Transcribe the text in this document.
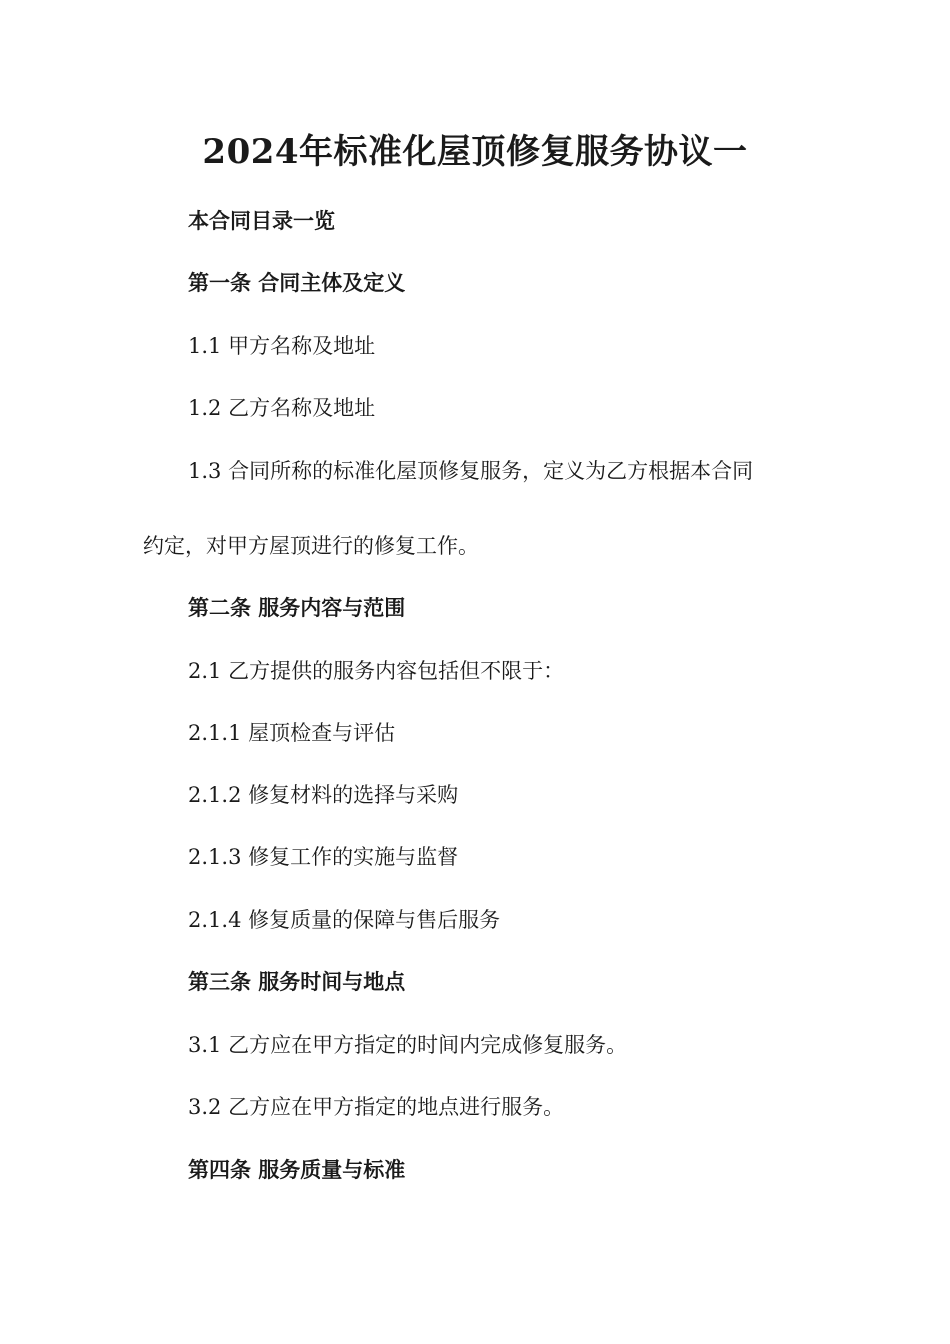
2024年标准化屋顶修复服务协议一
本合同目录一览
第一条 合同主体及定义
1.1 甲方名称及地址
1.2 乙方名称及地址
1.3 合同所称的标准化屋顶修复服务，定义为乙方根据本合同
约定，对甲方屋顶进行的修复工作。
第二条 服务内容与范围
2.1 乙方提供的服务内容包括但不限于：
2.1.1 屋顶检查与评估
2.1.2 修复材料的选择与采购
2.1.3 修复工作的实施与监督
2.1.4 修复质量的保障与售后服务
第三条 服务时间与地点
3.1 乙方应在甲方指定的时间内完成修复服务。
3.2 乙方应在甲方指定的地点进行服务。
第四条 服务质量与标准
